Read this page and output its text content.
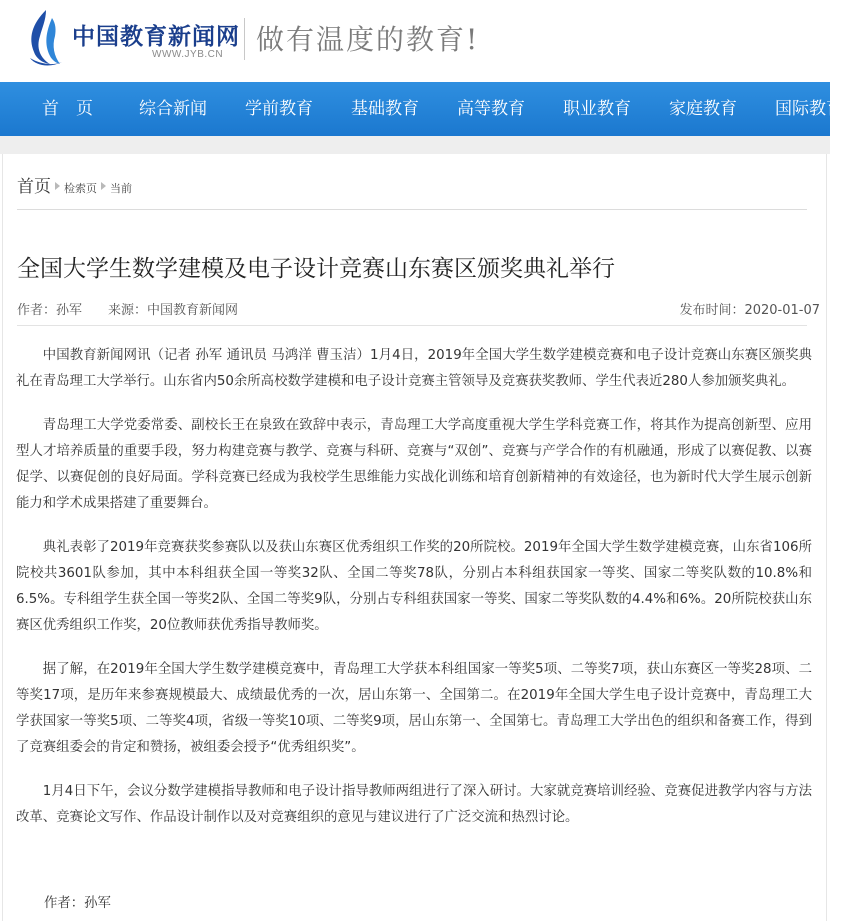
中国教育新闻网
WWW.JYB.CN 做有温度的教育!
首　页	综合新闻 学前教育 基础教育 高等教育 职业教育 家庭教育 国际教育
首页 检索页 当前
全国大学生数学建模及电子设计竞赛山东赛区颁奖典礼举行
作者：孙军 来源：中国教育新闻网	发布时间：2020-01-07

中国教育新闻网讯（记者 孙军 通讯员 马鸿洋 曹玉洁）1月4日，2019年全国大学生数学建模竞赛和电子设计竞赛山东赛区颁奖典礼在青岛理工大学举行。山东省内50余所高校数学建模和电子设计竞赛主管领导及竞赛获奖教师、学生代表近280人参加颁奖典礼。

青岛理工大学党委常委、副校长王在泉致在致辞中表示，青岛理工大学高度重视大学生学科竞赛工作，将其作为提高创新型、应用型人才培养质量的重要手段，努力构建竞赛与教学、竞赛与科研、竞赛与“双创”、竞赛与产学合作的有机融通，形成了以赛促教、以赛促学、以赛促创的良好局面。学科竞赛已经成为我校学生思维能力实战化训练和培育创新精神的有效途径，也为新时代大学生展示创新能力和学术成果搭建了重要舞台。

典礼表彰了2019年竞赛获奖参赛队以及获山东赛区优秀组织工作奖的20所院校。2019年全国大学生数学建模竞赛，山东省106所院校共3601队参加，其中本科组获全国一等奖32队、全国二等奖78队，分别占本科组获国家一等奖、国家二等奖队数的10.8%和6.5%。专科组学生获全国一等奖2队、全国二等奖9队，分别占专科组获国家一等奖、国家二等奖队数的4.4%和6%。20所院校获山东赛区优秀组织工作奖，20位教师获优秀指导教师奖。

据了解，在2019年全国大学生数学建模竞赛中，青岛理工大学获本科组国家一等奖5项、二等奖7项，获山东赛区一等奖28项、二等奖17项，是历年来参赛规模最大、成绩最优秀的一次，居山东第一、全国第二。在2019年全国大学生电子设计竞赛中，青岛理工大学获国家一等奖5项、二等奖4项，省级一等奖10项、二等奖9项，居山东第一、全国第七。青岛理工大学出色的组织和备赛工作，得到了竞赛组委会的肯定和赞扬，被组委会授予“优秀组织奖”。

1月4日下午，会议分数学建模指导教师和电子设计指导教师两组进行了深入研讨。大家就竞赛培训经验、竞赛促进教学内容与方法改革、竞赛论文写作、作品设计制作以及对竞赛组织的意见与建议进行了广泛交流和热烈讨论。

作者：孙军
